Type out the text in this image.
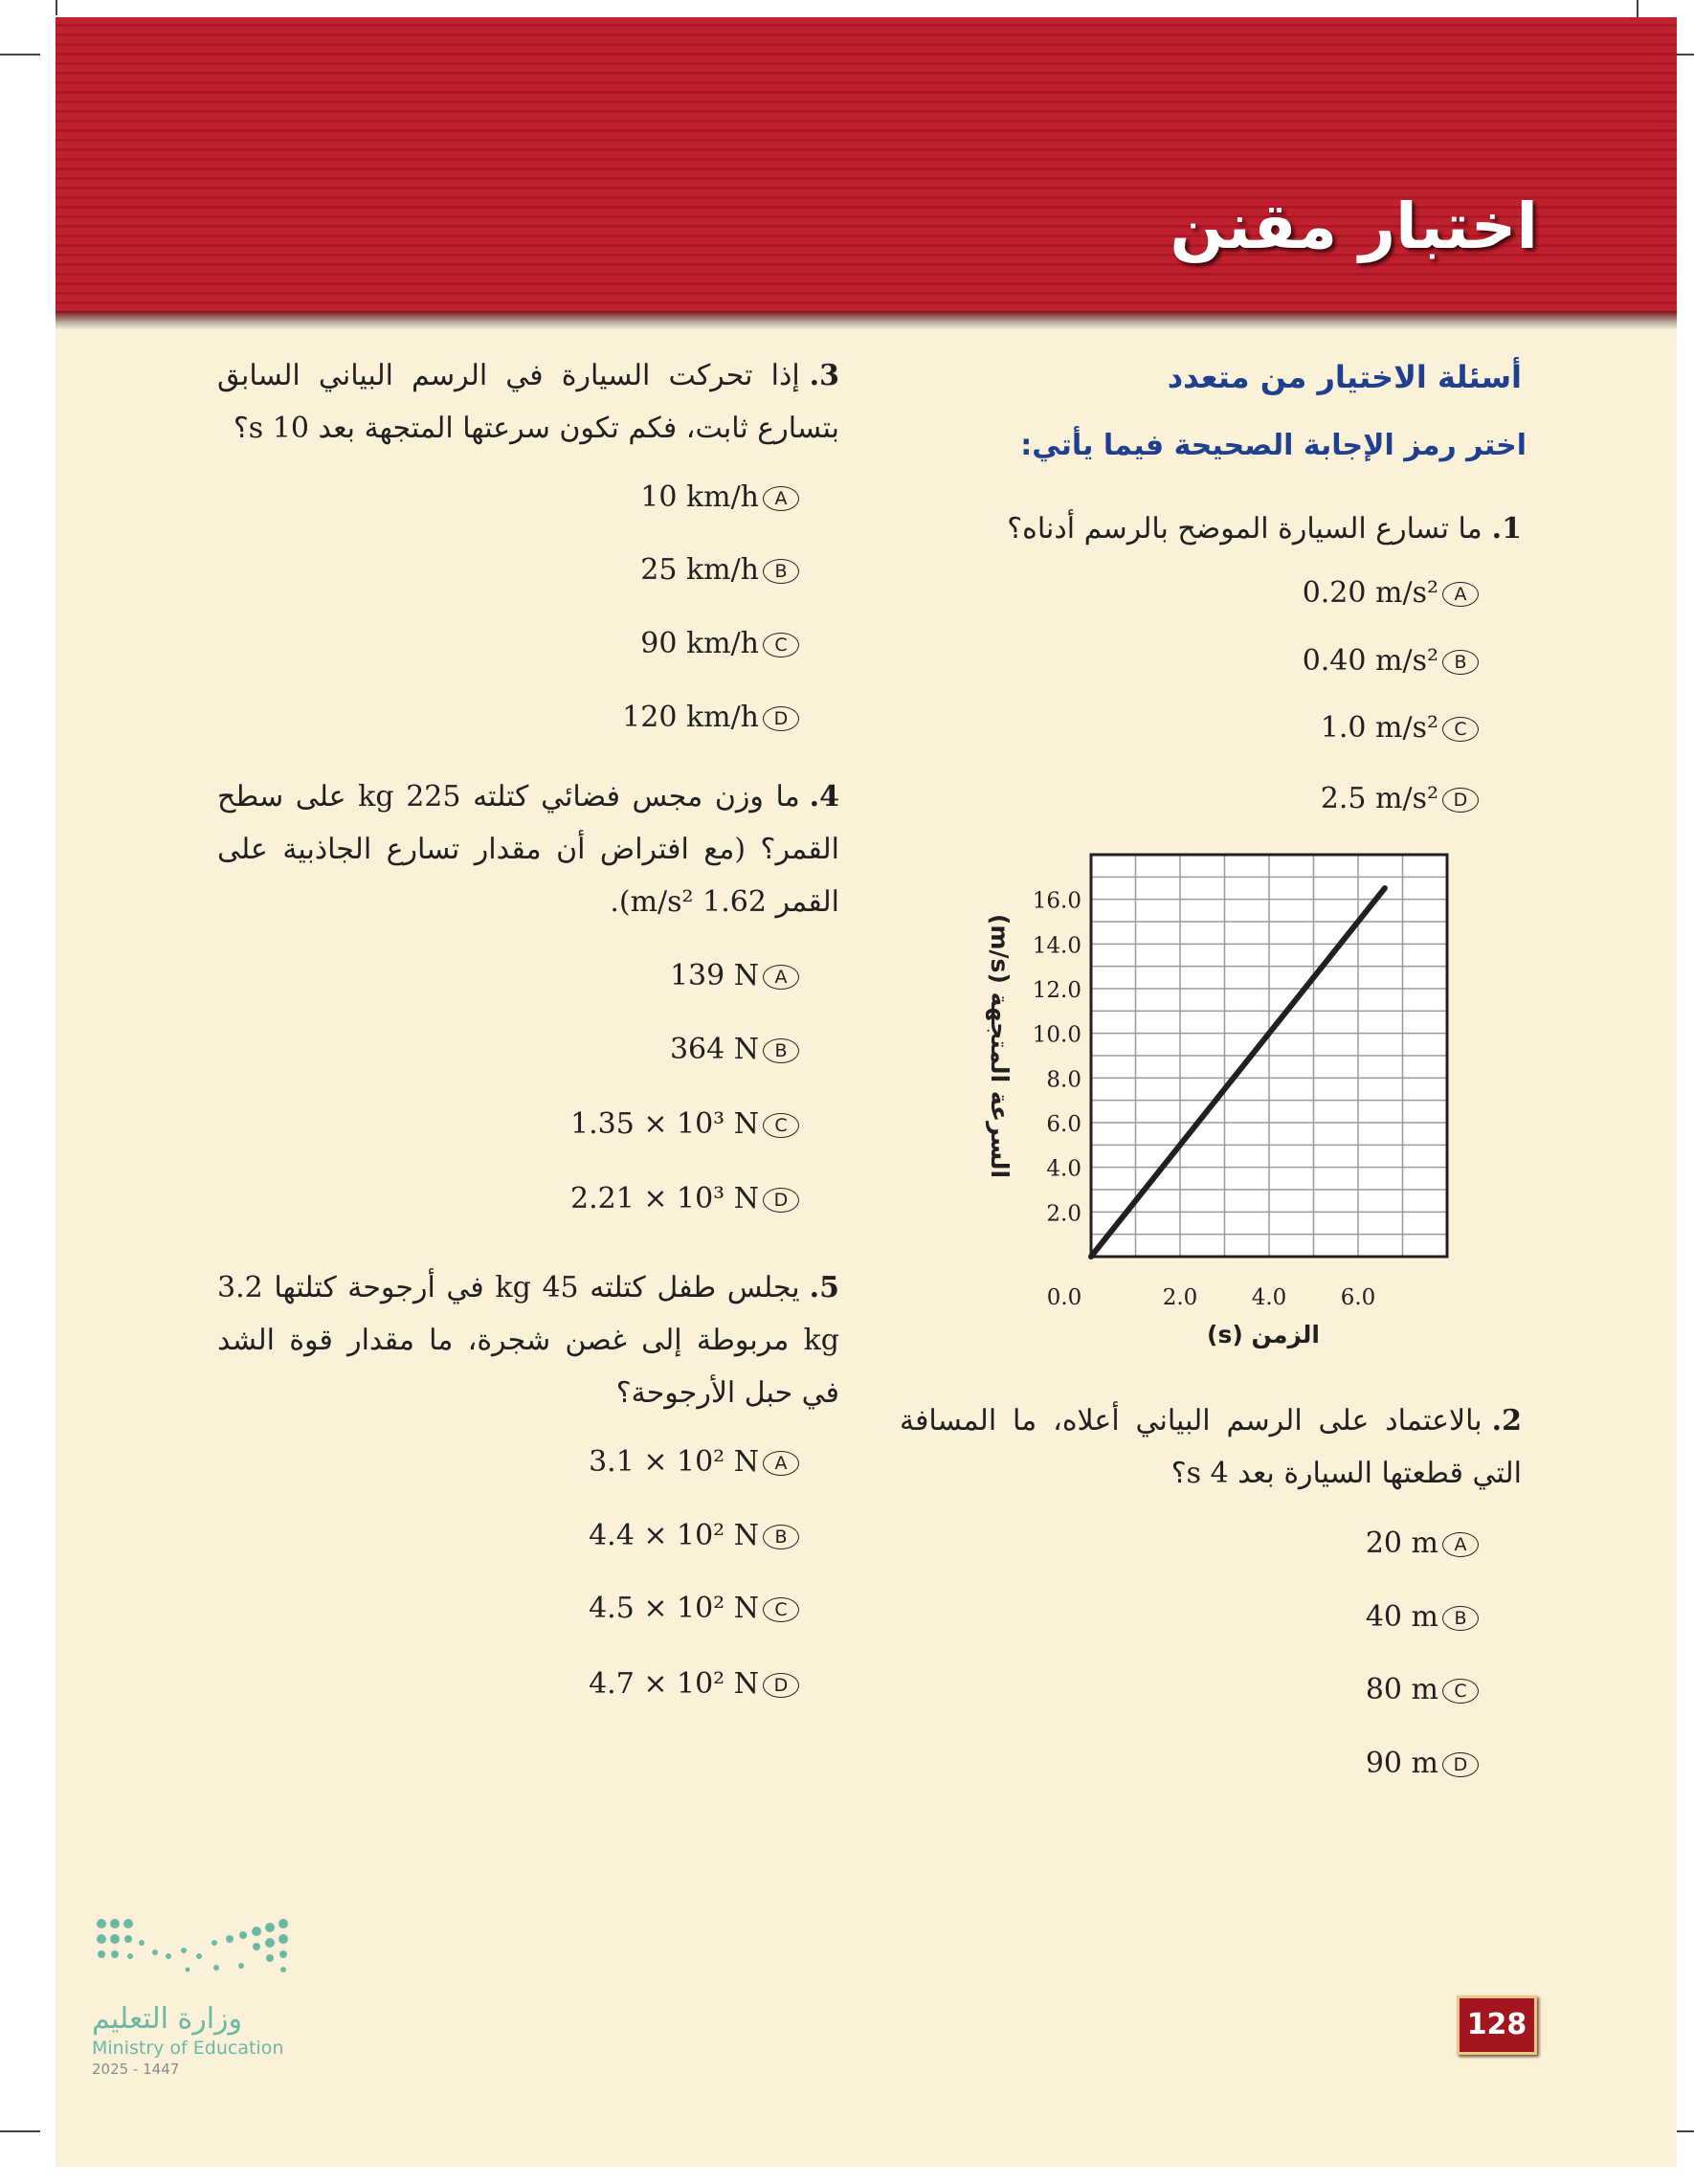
اختبار مقنن
أسئلة الاختيار من متعدد
اختر رمز الإجابة الصحيحة فيما يأتي:
1.ما تسارع السيارة الموضح بالرسم أدناه؟
0.20 m/s² A
0.40 m/s² B
1.0 m/s² C
2.5 m/s² D
2.0
4.0
6.0
8.0
10.0
12.0
14.0
16.0
0.0	2.0 4.0 6.0
الزمن (s)
السرعة المتجهة (m/s)
2.بالاعتماد على الرسم البياني أعلاه، ما المسافة التي قطعتها السيارة بعد 4 s؟
20 m A
40 m B
80 m C
90 m D
3.إذا تحركت السيارة في الرسم البياني السابق بتسارع ثابت، فكم تكون سرعتها المتجهة بعد 10 s؟
10 km/h A
25 km/h B
90 km/h C
120 km/h D
4.ما وزن مجس فضائي كتلته 225 kg على سطح القمر؟ (مع افتراض أن مقدار تسارع الجاذبية على القمر 1.62 m/s²).
139 N A
364 N B
1.35 × 10³ N C
2.21 × 10³ N D
5.يجلس طفل كتلته 45 kg في أرجوحة كتلتها 3.2 kg مربوطة إلى غصن شجرة، ما مقدار قوة الشد في حبل الأرجوحة؟
3.1 × 10² N A
4.4 × 10² N B
4.5 × 10² N C
4.7 × 10² N D
وزارة التعليم
Ministry of Education
2025 - 1447
128
